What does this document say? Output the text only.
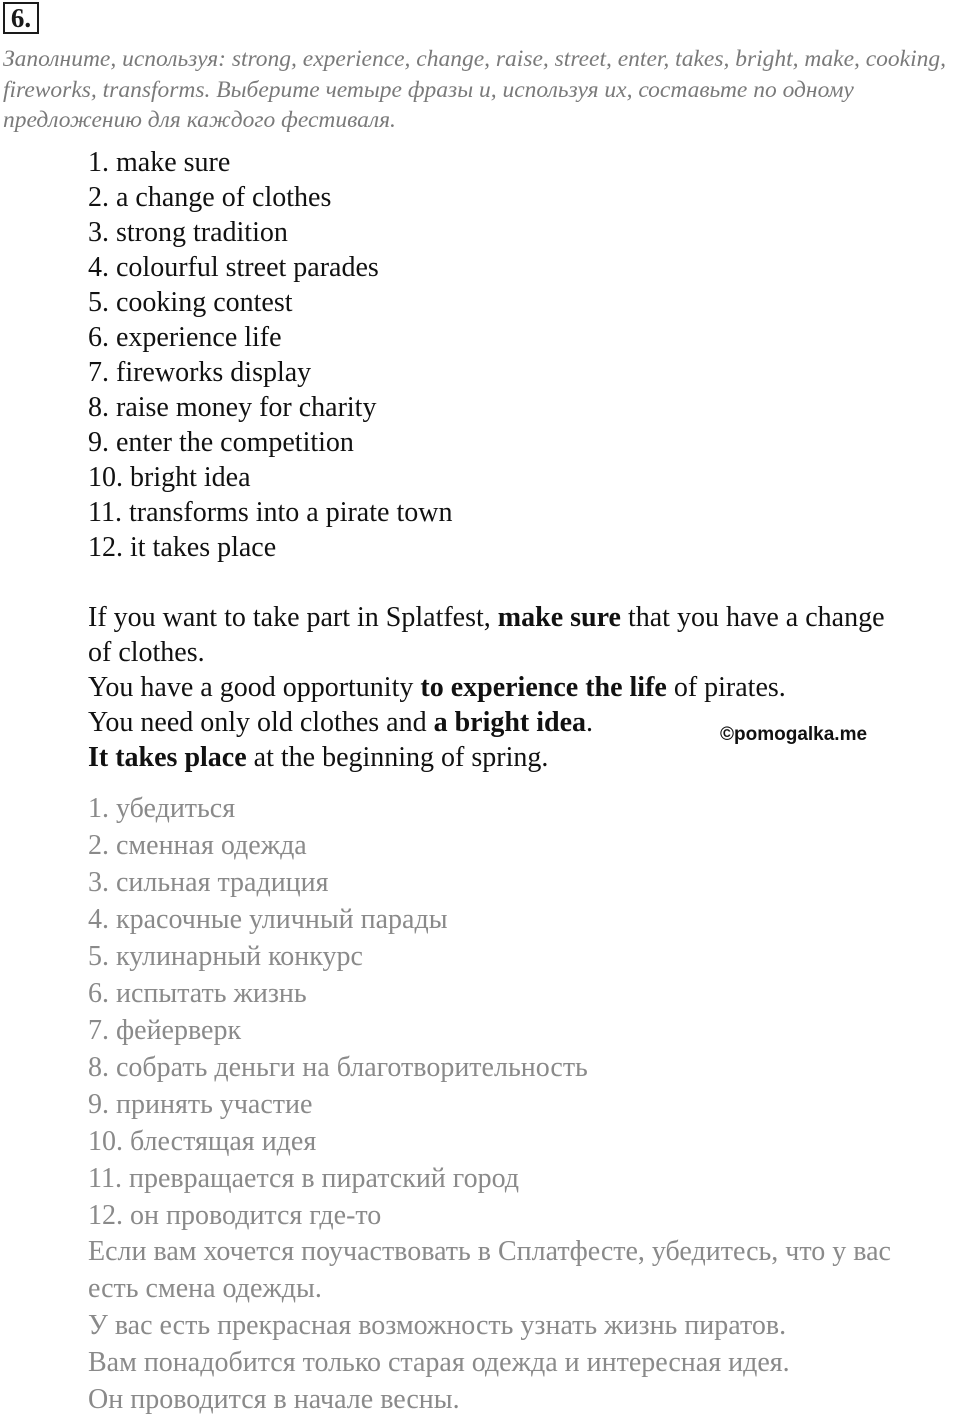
6.
Заполните, используя: strong, experience, change, raise, street, enter, takes, bright, make, cooking, fireworks, transforms. Выберите четыре фразы и, используя их, составьте по одному предложению для каждого фестиваля.
1. make sure
2. a change of clothes
3. strong tradition
4. colourful street parades
5. cooking contest
6. experience life
7. fireworks display
8. raise money for charity
9. enter the competition
10. bright idea
11. transforms into a pirate town
12. it takes place

If you want to take part in Splatfest, make sure that you have a change of clothes.

You have a good opportunity to experience the life of pirates.

You need only old clothes and a bright idea.

It takes place at the beginning of spring.

©pomogalka.me
1. убедиться
2. сменная одежда
3. сильная традиция
4. красочные уличный парады
5. кулинарный конкурс
6. испытать жизнь
7. фейерверк
8. собрать деньги на благотворительность
9. принять участие
10. блестящая идея
11. превращается в пиратский город
12. он проводится где-то

Если вам хочется поучаствовать в Сплатфесте, убедитесь, что у вас есть смена одежды.

У вас есть прекрасная возможность узнать жизнь пиратов.

Вам понадобится только старая одежда и интересная идея.

Он проводится в начале весны.
